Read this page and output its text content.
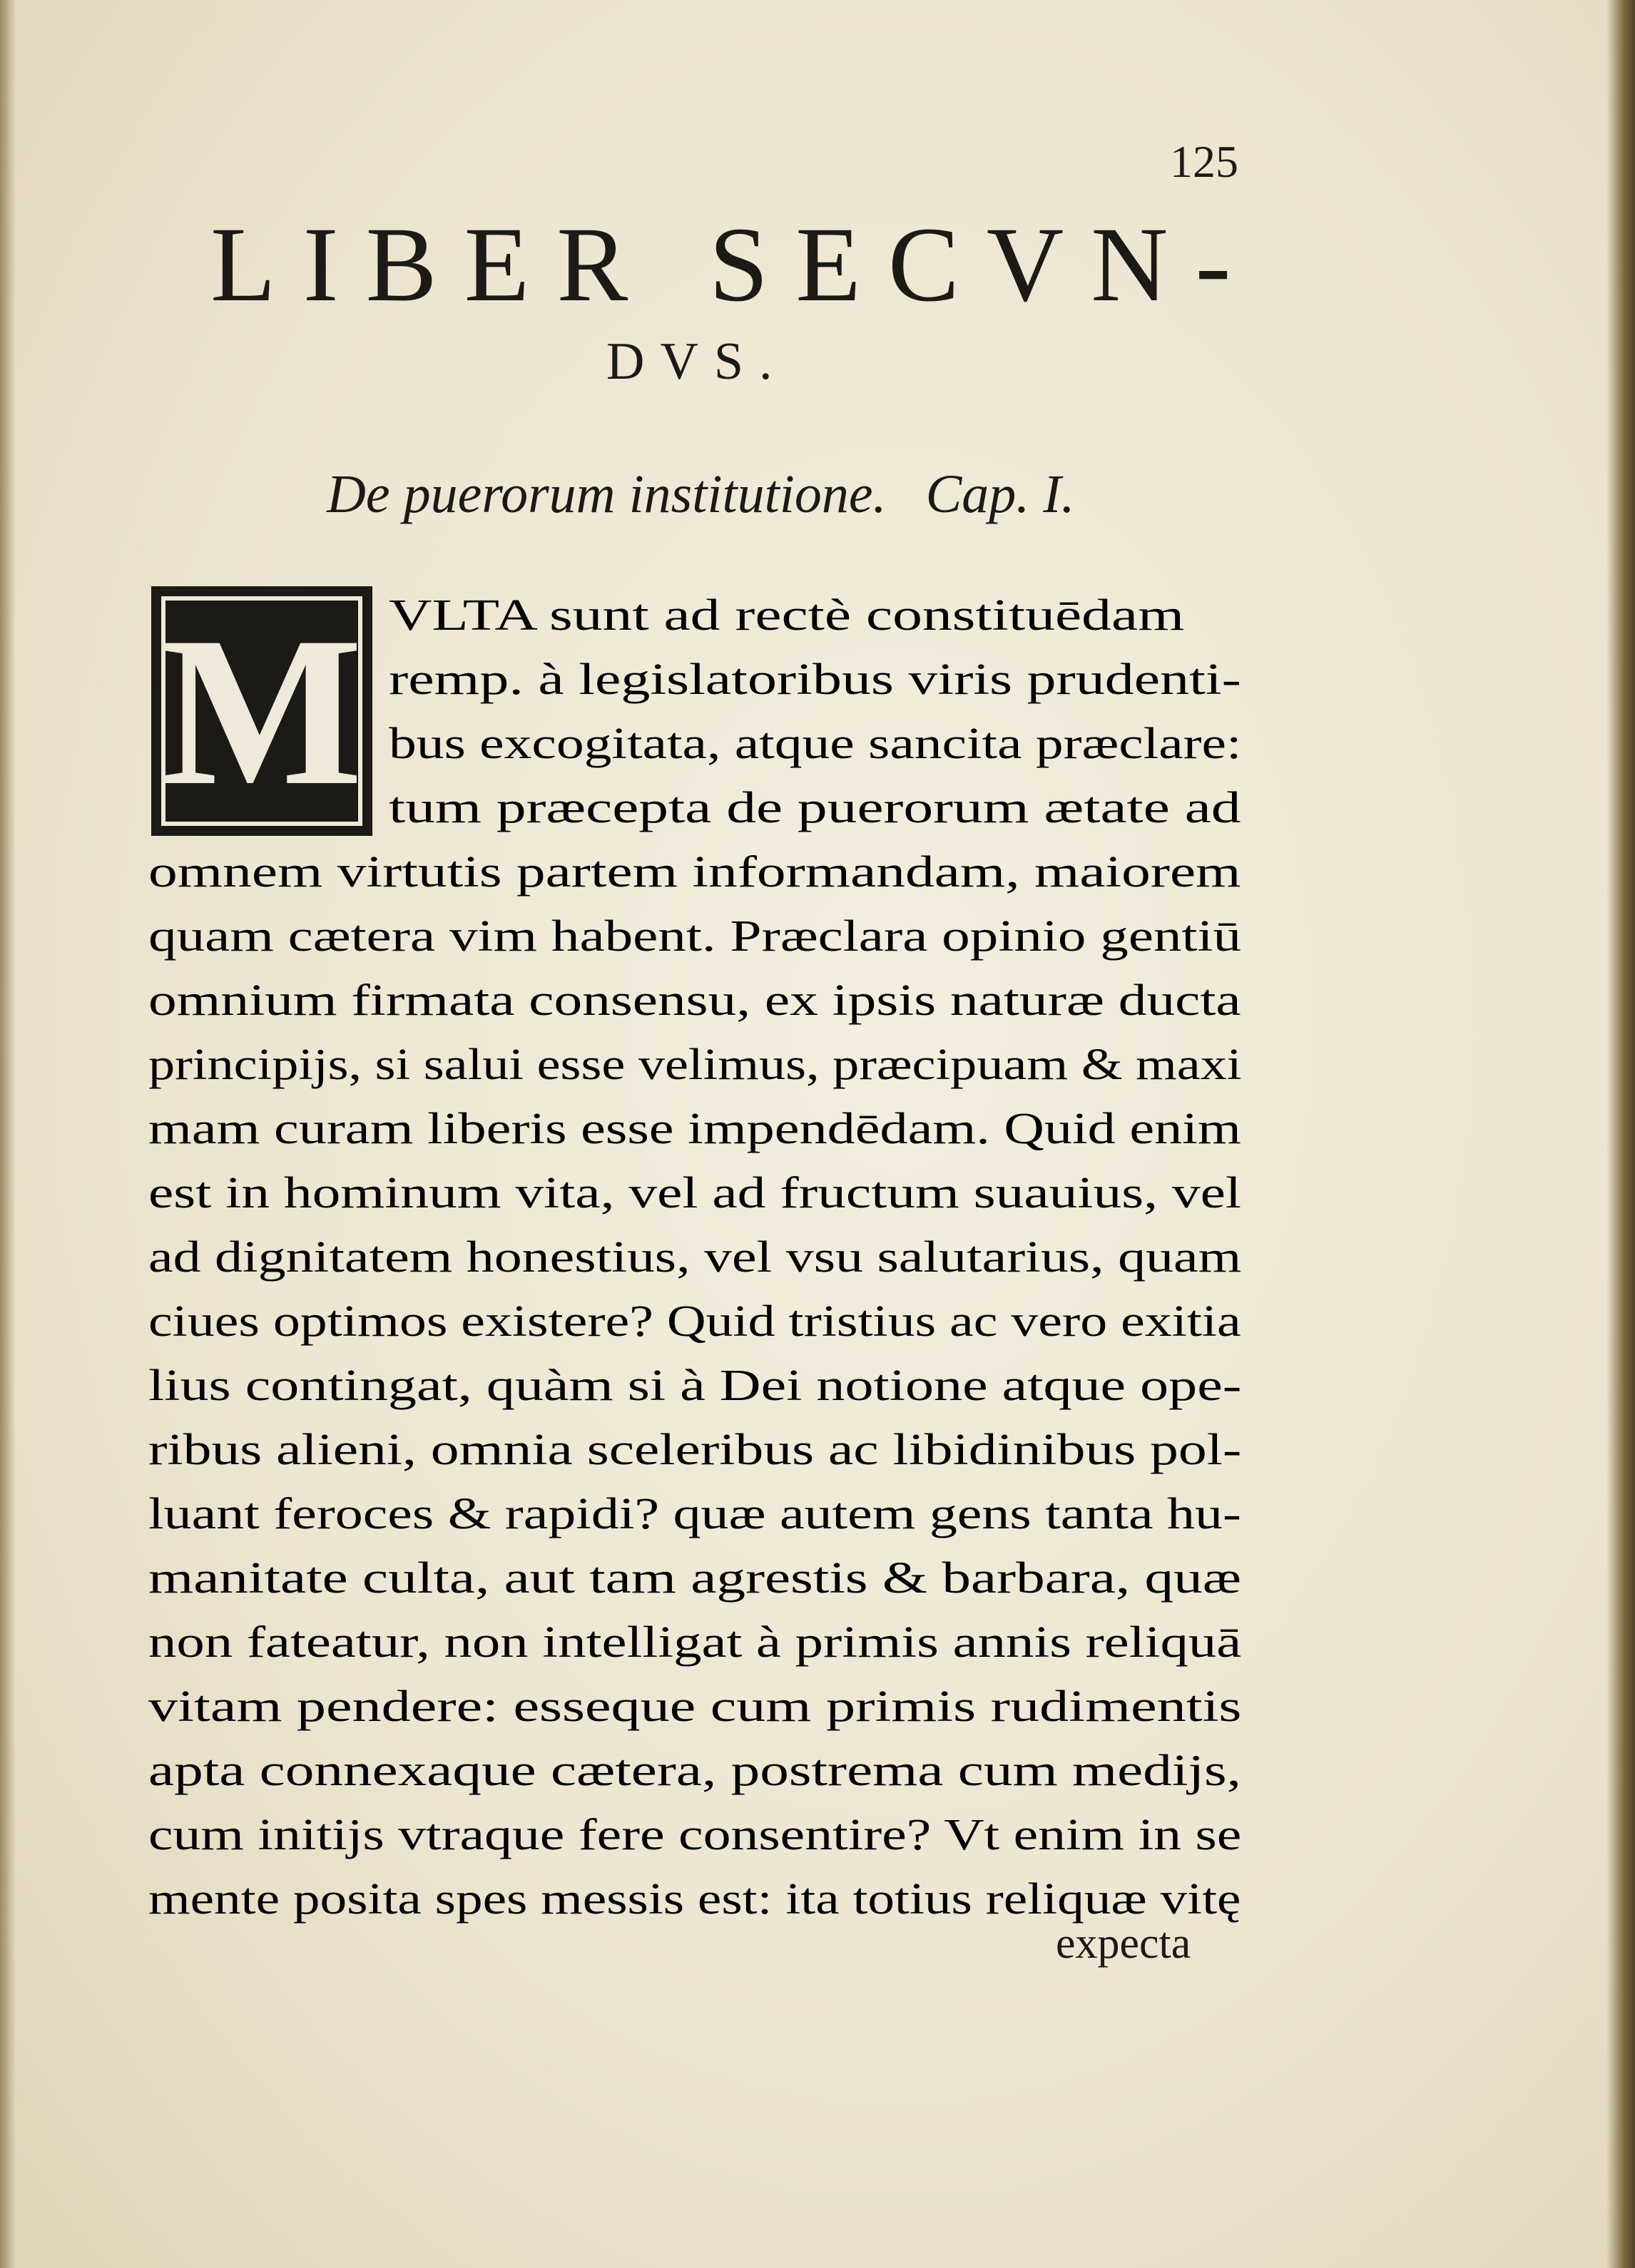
125
LIBER SECVN-
DVS.
De puerorum institutione. Cap. I.
M VLTA sunt ad rectè constituēdam
remp. à legislatoribus viris prudenti-
bus excogitata, atque sancita præclare:
tum præcepta de puerorum ætate ad
omnem virtutis partem informandam, maiorem
quam cætera vim habent. Præclara opinio gentiū
omnium firmata consensu, ex ipsis naturæ ducta
principijs, si salui esse velimus, præcipuam & maxi
mam curam liberis esse impendēdam. Quid enim
est in hominum vita, vel ad fructum suauius, vel
ad dignitatem honestius, vel vsu salutarius, quam
ciues optimos existere? Quid tristius ac vero exitia
lius contingat, quàm si à Dei notione atque ope-
ribus alieni, omnia sceleribus ac libidinibus pol-
luant feroces & rapidi? quæ autem gens tanta hu-
manitate culta, aut tam agrestis & barbara, quæ
non fateatur, non intelligat à primis annis reliquā
vitam pendere: esseque cum primis rudimentis
apta connexaque cætera, postrema cum medijs,
cum initijs vtraque fere consentire? Vt enim in se
mente posita spes messis est: ita totius reliquæ vitę
expecta
